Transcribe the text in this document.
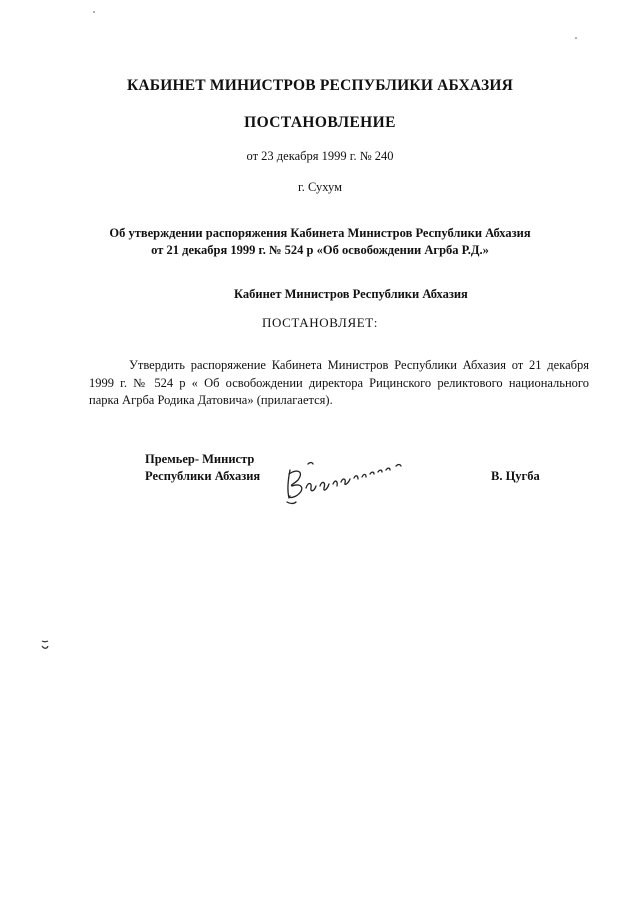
КАБИНЕТ МИНИСТРОВ РЕСПУБЛИКИ АБХАЗИЯ
ПОСТАНОВЛЕНИЕ
от 23 декабря 1999 г. № 240
г. Сухум
Об утверждении распоряжения Кабинета Министров Республики Абхазия
от 21 декабря 1999 г. № 524 р «Об освобождении Агрба Р.Д.»
Кабинет Министров Республики Абхазия
ПОСТАНОВЛЯЕТ:
Утвердить распоряжение Кабинета Министров Республики Абхазия от 21 декабря
1999 г. № 524 р « Об освобождении директора Рицинского реликтового национального
парка Агрба Родика Датовича» (прилагается).
Премьер- Министр
Республики Абхазия	В. Цугба
